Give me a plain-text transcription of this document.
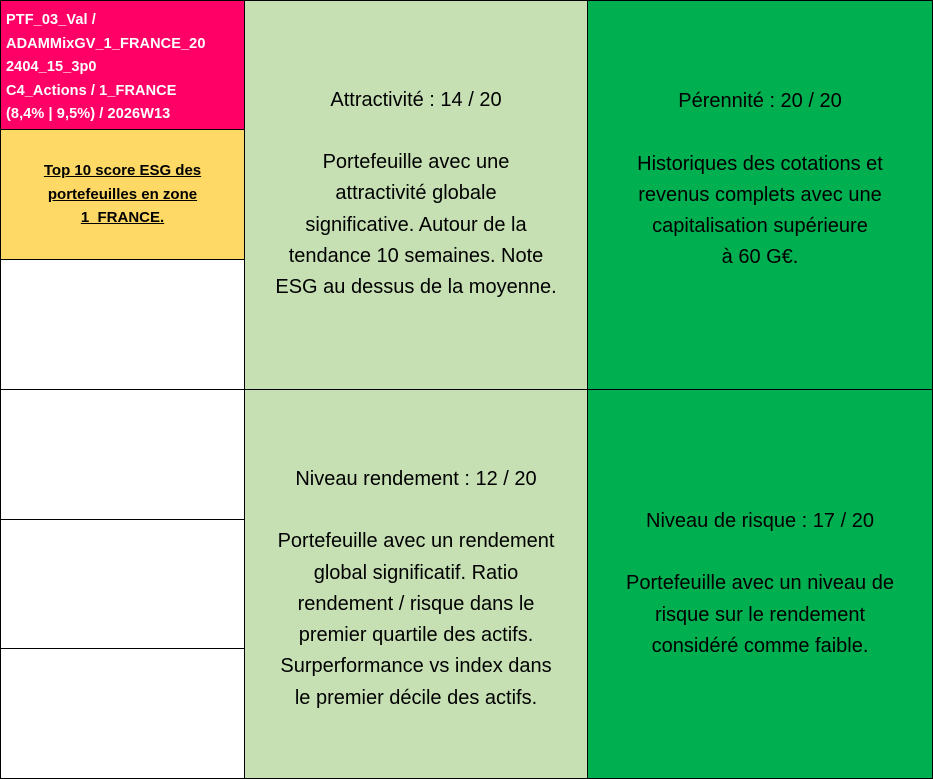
PTF_03_Val /
ADAMMixGV_1_FRANCE_20
2404_15_3p0
C4_Actions / 1_FRANCE
(8,4% | 9,5%) / 2026W13
Top 10 score ESG des portefeuilles en zone 1_FRANCE.
Attractivité : 14 / 20
Portefeuille avec une
attractivité globale
significative. Autour de la
tendance 10 semaines. Note
ESG au dessus de la moyenne.
Pérennité : 20 / 20
Historiques des cotations et
revenus complets avec une
capitalisation supérieure
à 60 G€.
Niveau rendement : 12 / 20
Portefeuille avec un rendement
global significatif. Ratio
rendement / risque dans le
premier quartile des actifs.
Surperformance vs index dans
le premier décile des actifs.
Niveau de risque : 17 / 20
Portefeuille avec un niveau de
risque sur le rendement
considéré comme faible.
